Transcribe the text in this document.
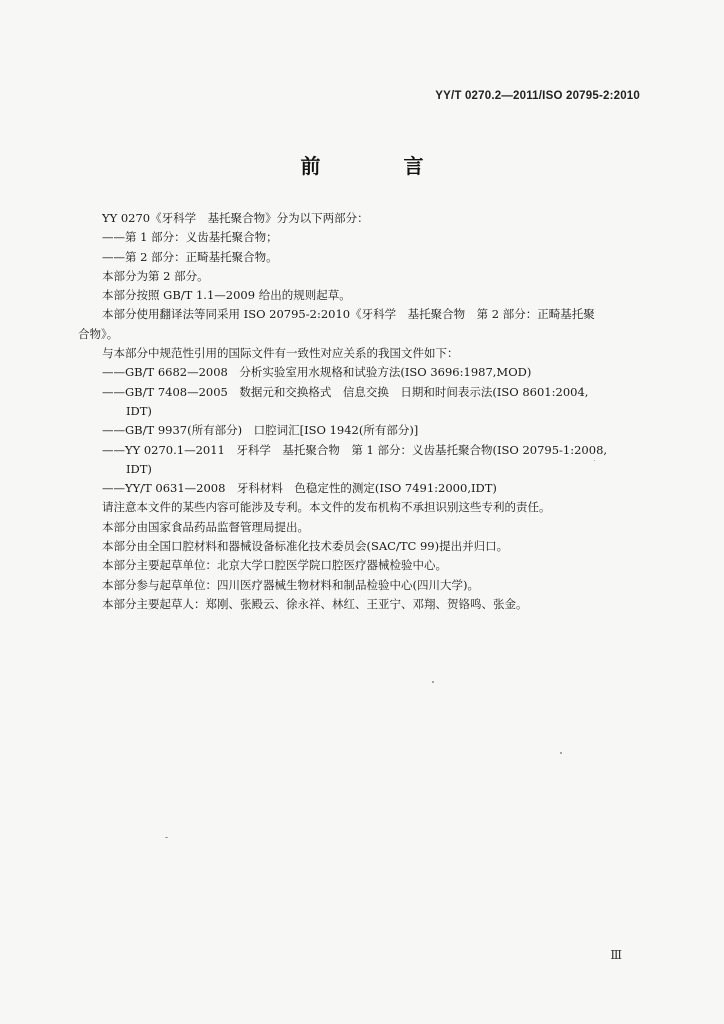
YY/T 0270.2—2011/ISO 20795-2:2010
前 言

YY 0270《牙科学　基托聚合物》分为以下两部分：

——第 1 部分：义齿基托聚合物；

——第 2 部分：正畸基托聚合物。

本部分为第 2 部分。

本部分按照 GB/T 1.1—2009 给出的规则起草。

本部分使用翻译法等同采用 ISO 20795-2:2010《牙科学　基托聚合物　第 2 部分：正畸基托聚

合物》。

与本部分中规范性引用的国际文件有一致性对应关系的我国文件如下：

——GB/T 6682—2008　分析实验室用水规格和试验方法(ISO 3696:1987,MOD)

——GB/T 7408—2005　数据元和交换格式　信息交换　日期和时间表示法(ISO 8601:2004,

IDT)

——GB/T 9937(所有部分)　口腔词汇[ISO 1942(所有部分)]

——YY 0270.1—2011　牙科学　基托聚合物　第 1 部分：义齿基托聚合物(ISO 20795-1:2008,

IDT)

——YY/T 0631—2008　牙科材料　色稳定性的测定(ISO 7491:2000,IDT)

请注意本文件的某些内容可能涉及专利。本文件的发布机构不承担识别这些专利的责任。

本部分由国家食品药品监督管理局提出。

本部分由全国口腔材料和器械设备标准化技术委员会(SAC/TC 99)提出并归口。

本部分主要起草单位：北京大学口腔医学院口腔医疗器械检验中心。

本部分参与起草单位：四川医疗器械生物材料和制品检验中心(四川大学)。

本部分主要起草人：郑刚、张殿云、徐永祥、林红、王亚宁、邓翔、贺铬鸣、张金。

Ⅲ
